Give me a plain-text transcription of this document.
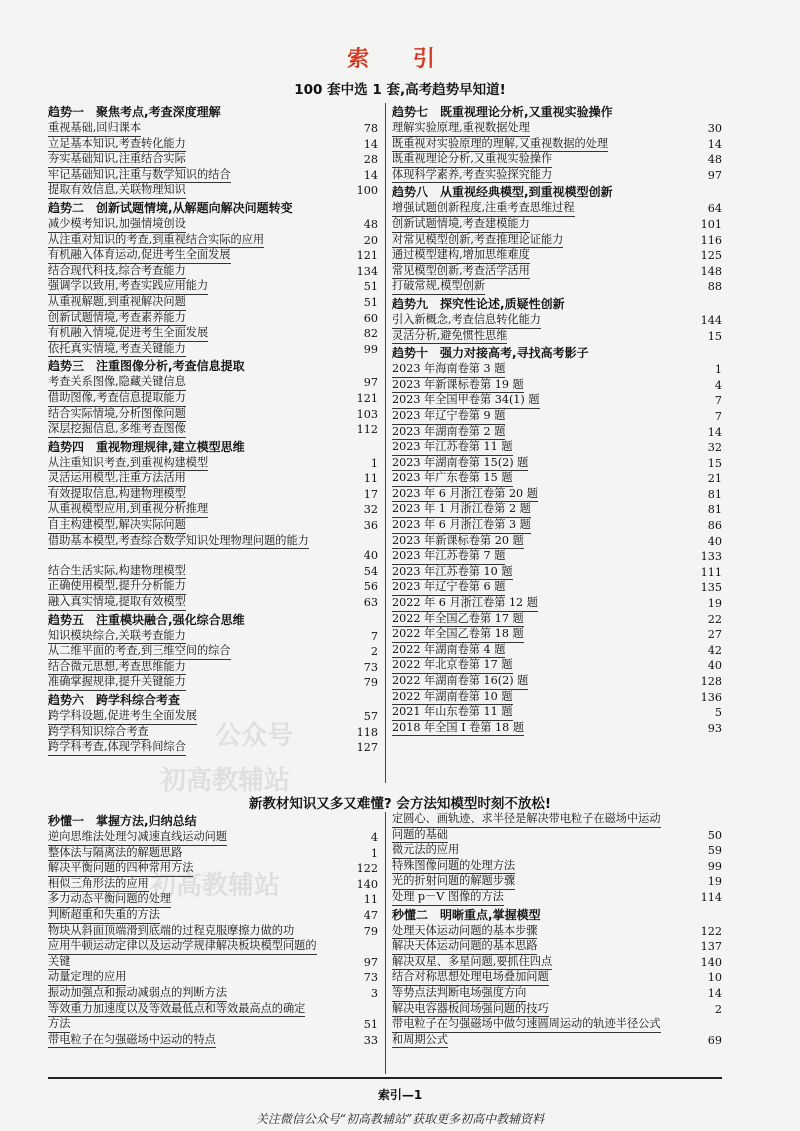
索 引
100 套中选 1 套,高考趋势早知道!
趋势一 聚焦考点,考查深度理解
重视基础,回归课本	78
立足基本知识,考查转化能力	14
夯实基础知识,注重结合实际	28
牢记基础知识,注重与数学知识的结合	14
提取有效信息,关联物理知识	100
趋势二 创新试题情境,从解题向解决问题转变
减少模考知识,加强情境创设	48
从注重对知识的考查,到重视结合实际的应用	20
有机融入体育运动,促进考生全面发展	121
结合现代科技,综合考查能力	134
强调学以致用,考查实践应用能力	51
从重视解题,到重视解决问题	51
创新试题情境,考查素养能力	60
有机融入情境,促进考生全面发展	82
依托真实情境,考查关键能力	99
趋势三 注重图像分析,考查信息提取
考查关系图像,隐藏关键信息	97
借助图像,考查信息提取能力	121
结合实际情境,分析图像问题	103
深层挖掘信息,多维考查图像	112
趋势四 重视物理规律,建立模型思维
从注重知识考查,到重视构建模型	1
灵活运用模型,注重方法活用	11
有效提取信息,构建物理模型	17
从重视模型应用,到重视分析推理	32
自主构建模型,解决实际问题	36
借助基本模型,考查综合数学知识处理物理问题的能力
40
结合生活实际,构建物理模型	54
正确使用模型,提升分析能力	56
融入真实情境,提取有效模型	63
趋势五 注重模块融合,强化综合思维
知识模块综合,关联考查能力	7
从二维平面的考查,到三维空间的综合	2
结合微元思想,考查思维能力	73
准确掌握规律,提升关键能力	79
趋势六 跨学科综合考查
跨学科设题,促进考生全面发展	57
跨学科知识综合考查	118
跨学科考查,体现学科间综合	127
趋势七 既重视理论分析,又重视实验操作
理解实验原理,重视数据处理	30
既重视对实验原理的理解,又重视数据的处理	14
既重视理论分析,又重视实验操作	48
体现科学素养,考查实验探究能力	97
趋势八 从重视经典模型,到重视模型创新
增强试题创新程度,注重考查思维过程	64
创新试题情境,考查建模能力	101
对常见模型创新,考查推理论证能力	116
通过模型建构,增加思维难度	125
常见模型创新,考查活学活用	148
打破常规,模型创新	88
趋势九 探究性论述,质疑性创新
引入新概念,考查信息转化能力	144
灵活分析,避免惯性思维	15
趋势十 强力对接高考,寻找高考影子
2023 年海南卷第 3 题	1
2023 年新课标卷第 19 题	4
2023 年全国甲卷第 34(1) 题	7
2023 年辽宁卷第 9 题	7
2023 年湖南卷第 2 题	14
2023 年江苏卷第 11 题	32
2023 年湖南卷第 15(2) 题	15
2023 年广东卷第 15 题	21
2023 年 6 月浙江卷第 20 题	81
2023 年 1 月浙江卷第 2 题	81
2023 年 6 月浙江卷第 3 题	86
2023 年新课标卷第 20 题	40
2023 年江苏卷第 7 题	133
2023 年江苏卷第 10 题	111
2023 年辽宁卷第 6 题	135
2022 年 6 月浙江卷第 12 题	19
2022 年全国乙卷第 17 题	22
2022 年全国乙卷第 18 题	27
2022 年湖南卷第 4 题	42
2022 年北京卷第 17 题	40
2022 年湖南卷第 16(2) 题	128
2022 年湖南卷第 10 题	136
2021 年山东卷第 11 题	5
2018 年全国 Ⅰ 卷第 18 题	93
新教材知识又多又难懂? 会方法知模型时刻不放松!
秒懂一 掌握方法,归纳总结
逆向思维法处理匀减速直线运动问题	4
整体法与隔离法的解题思路	1
解决平衡问题的四种常用方法	122
相似三角形法的应用	140
多力动态平衡问题的处理	11
判断超重和失重的方法	47
物块从斜面顶端滑到底端的过程克服摩擦力做的功	79
应用牛顿运动定律以及运动学规律解决板块模型问题的
关键	97
动量定理的应用	73
振动加强点和振动减弱点的判断方法	3
等效重力加速度以及等效最低点和等效最高点的确定
方法	51
带电粒子在匀强磁场中运动的特点	33
定圆心、画轨迹、求半径是解决带电粒子在磁场中运动
问题的基础	50
微元法的应用	59
特殊图像问题的处理方法	99
光的折射问题的解题步骤	19
处理 p－V 图像的方法	114
秒懂二 明晰重点,掌握模型
处理天体运动问题的基本步骤	122
解决天体运动问题的基本思路	137
解决双星、多星问题,要抓住四点	140
结合对称思想处理电场叠加问题	10
等势点法判断电场强度方向	14
解决电容器板间场强问题的技巧	2
带电粒子在匀强磁场中做匀速圆周运动的轨迹半径公式
和周期公式	69
索引—1
关注微信公众号“初高教辅站”获取更多初高中教辅资料
公众号
初高教辅站
初高教辅站
